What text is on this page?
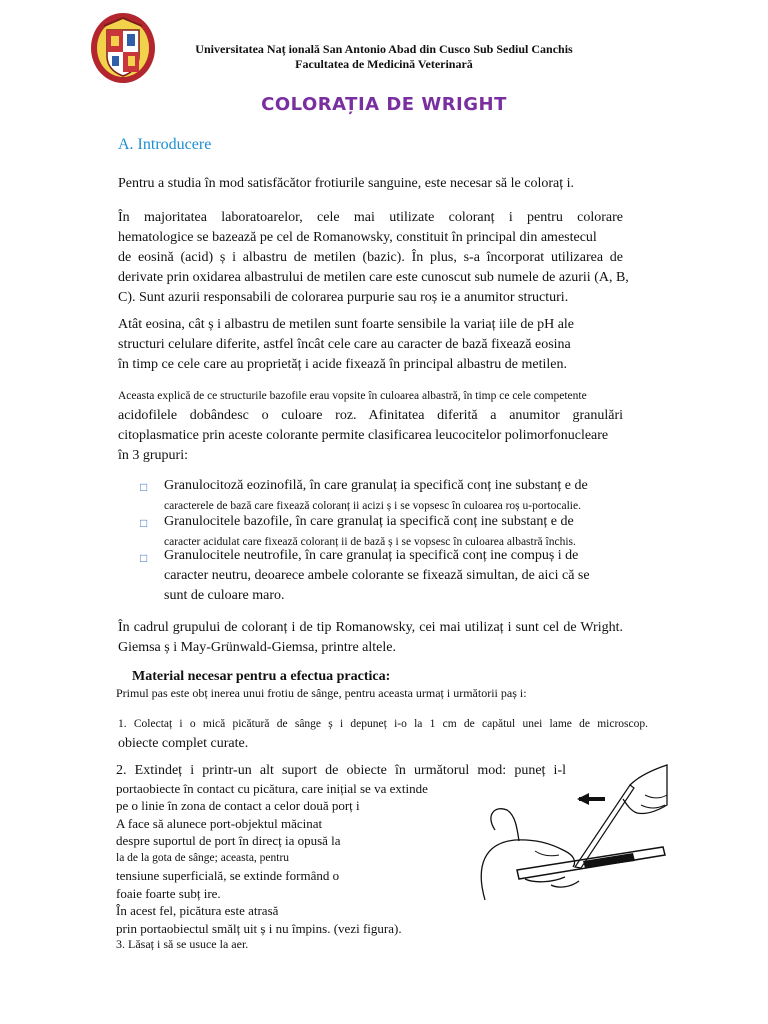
Universitatea Naț ională San Antonio Abad din Cusco Sub Sediul Canchis
Facultatea de Medicină Veterinară
COLORAȚIA DE WRIGHT
A. Introducere
Pentru a studia în mod satisfăcător frotiurile sanguine, este necesar să le coloraț i.
În majoritatea laboratoarelor, cele mai utilizate coloranț i pentru colorare
hematologice se bazează pe cel de Romanowsky, constituit în principal din amestecul
de eosină (acid) ș i albastru de metilen (bazic). În plus, s-a încorporat utilizarea de
derivate prin oxidarea albastrului de metilen care este cunoscut sub numele de azurii (A, B,
C). Sunt azurii responsabili de colorarea purpurie sau roș ie a anumitor structuri.
Atât eosina, cât ș i albastru de metilen sunt foarte sensibile la variaț iile de pH ale
structuri celulare diferite, astfel încât cele care au caracter de bază fixează eosina
în timp ce cele care au proprietăț i acide fixează în principal albastru de metilen.
Aceasta explică de ce structurile bazofile erau vopsite în culoarea albastră, în timp ce cele competente
acidofilele dobândesc o culoare roz. Afinitatea diferită a anumitor granulări
citoplasmatice prin aceste colorante permite clasificarea leucocitelor polimorfonucleare
în 3 grupuri:
□ Granulocitoză eozinofilă, în care granulaț ia specifică conț ine substanț e de
caracterele de bază care fixează coloranț ii acizi ș i se vopsesc în culoarea roș u-portocalie.
□ Granulocitele bazofile, în care granulaț ia specifică conț ine substanț e de
caracter acidulat care fixează coloranț ii de bază ș i se vopsesc în culoarea albastră închis.
□ Granulocitele neutrofile, în care granulaț ia specifică conț ine compuș i de
caracter neutru, deoarece ambele colorante se fixează simultan, de aici că se
sunt de culoare maro.
În cadrul grupului de coloranț i de tip Romanowsky, cei mai utilizaț i sunt cel de Wright.
Giemsa ș i May-Grünwald-Giemsa, printre altele.
Material necesar pentru a efectua practica:
Primul pas este obț inerea unui frotiu de sânge, pentru aceasta urmaț i următorii paș i:
1. Colectaț i o mică picătură de sânge ș i depuneț i-o la 1 cm de capătul unei lame de microscop.
obiecte complet curate.
2. Extindeț i printr-un alt suport de obiecte în următorul mod: puneț i-l
portaobiecte în contact cu picătura, care inițial se va extinde
pe o linie în zona de contact a celor două porț i
A face să alunece port-objektul măcinat
despre suportul de port în direcț ia opusă la
la de la gota de sânge; aceasta, pentru
tensiune superficială, se extinde formând o
foaie foarte subț ire.
În acest fel, picătura este atrasă
prin portaobiectul smălț uit ș i nu împins. (vezi figura).
3. Lăsaț i să se usuce la aer.
